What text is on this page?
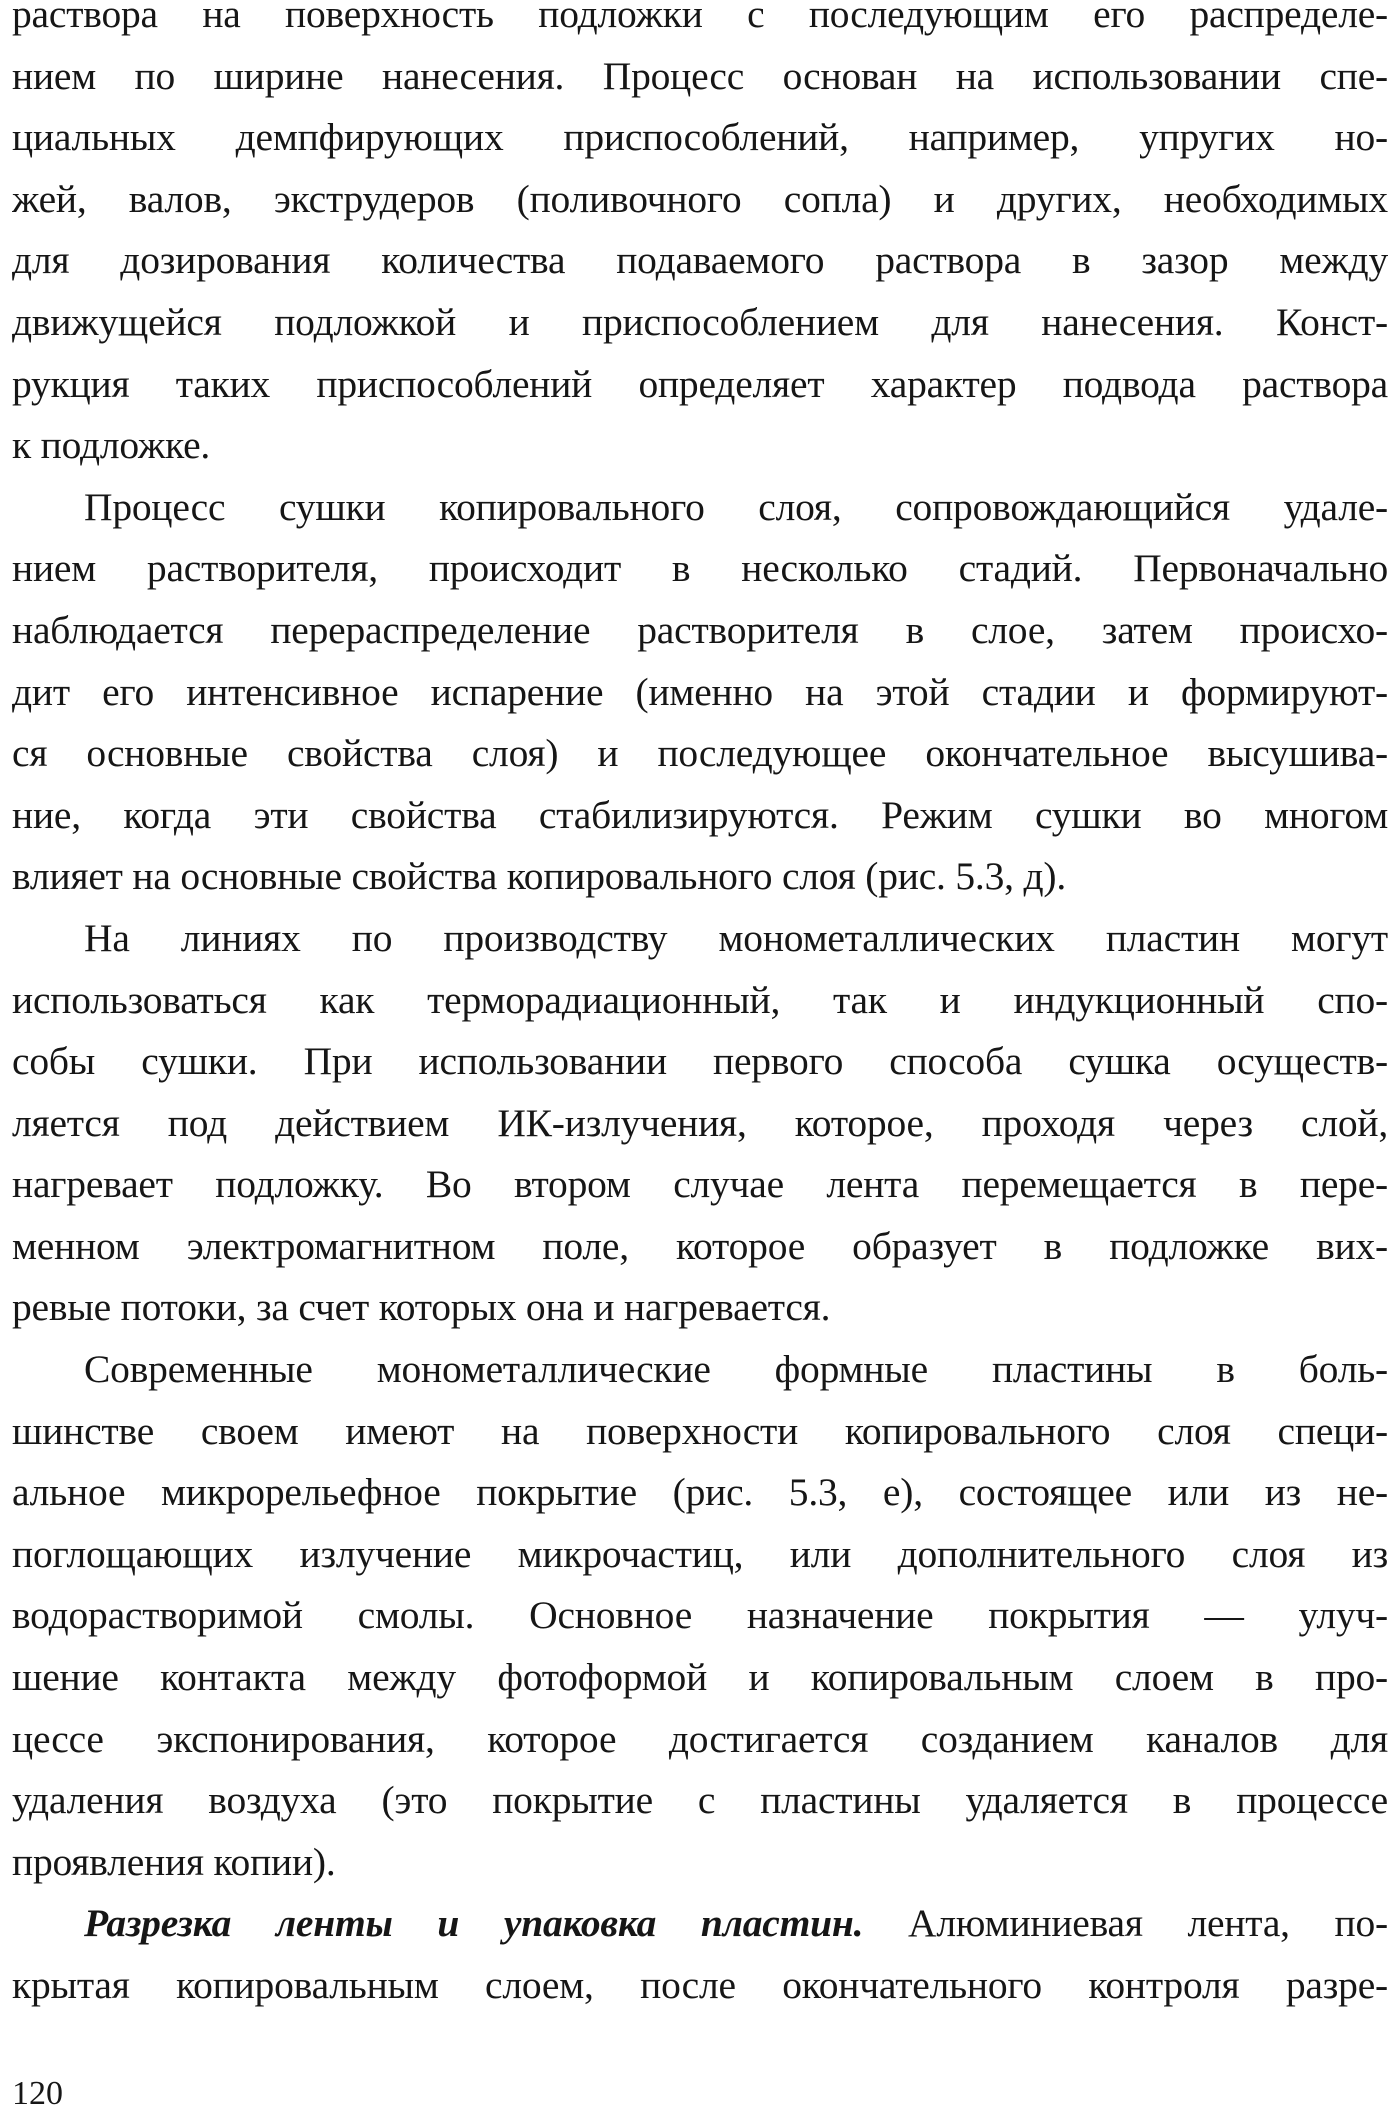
раствора на поверхность подложки с последующим его распределе-
нием по ширине нанесения. Процесс основан на использовании спе-
циальных демпфирующих приспособлений, например, упругих но-
жей, валов, экструдеров (поливочного сопла) и других, необходимых
для дозирования количества подаваемого раствора в зазор между
движущейся подложкой и приспособлением для нанесения. Конст-
рукция таких приспособлений определяет характер подвода раствора
к подложке.

Процесс сушки копировального слоя, сопровождающийся удале-
нием растворителя, происходит в несколько стадий. Первоначально
наблюдается перераспределение растворителя в слое, затем происхо-
дит его интенсивное испарение (именно на этой стадии и формируют-
ся основные свойства слоя) и последующее окончательное высушива-
ние, когда эти свойства стабилизируются. Режим сушки во многом
влияет на основные свойства копировального слоя (рис. 5.3, д).

На линиях по производству монометаллических пластин могут
использоваться как терморадиационный, так и индукционный спо-
собы сушки. При использовании первого способа сушка осуществ-
ляется под действием ИК-излучения, которое, проходя через слой,
нагревает подложку. Во втором случае лента перемещается в пере-
менном электромагнитном поле, которое образует в подложке вих-
ревые потоки, за счет которых она и нагревается.

Современные монометаллические формные пластины в боль-
шинстве своем имеют на поверхности копировального слоя специ-
альное микрорельефное покрытие (рис. 5.3, е), состоящее или из не-
поглощающих излучение микрочастиц, или дополнительного слоя из
водорастворимой смолы. Основное назначение покрытия — улуч-
шение контакта между фотоформой и копировальным слоем в про-
цессе экспонирования, которое достигается созданием каналов для
удаления воздуха (это покрытие с пластины удаляется в процессе
проявления копии).

Разрезка ленты и упаковка пластин. Алюминиевая лента, по-
крытая копировальным слоем, после окончательного контроля разре-

120
